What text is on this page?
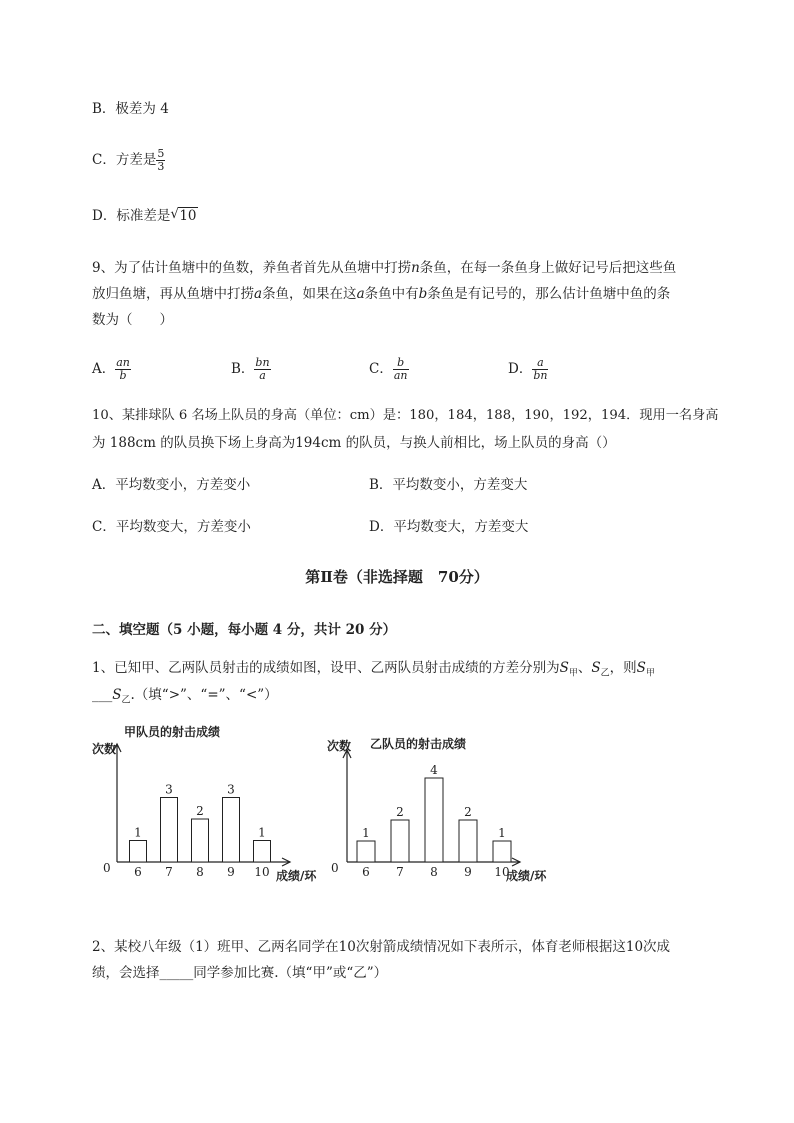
B．极差为 4
C．方差是 $\frac{5}{3}$
D．标准差是 √ 10
9、为了估计鱼塘中的鱼数，养鱼者首先从鱼塘中打捞n条鱼，在每一条鱼身上做好记号后把这些鱼
放归鱼塘，再从鱼塘中打捞a条鱼，如果在这a条鱼中有b条鱼是有记号的，那么估计鱼塘中鱼的条
数为（　　）
A． $\frac{an}{b}$	B． $\frac{bn}{a}$	C． $\frac{b}{an}$	D． $\frac{a}{bn}$
10、某排球队 6 名场上队员的身高（单位：cm）是：180，184，188，190，192，194．现用一名身高
为 188cm 的队员换下场上身高为194cm 的队员，与换人前相比，场上队员的身高（）
A．平均数变小，方差变小	B．平均数变小，方差变大
C．平均数变大，方差变小	D．平均数变大，方差变大
第Ⅱ卷（非选择题　70分）
二、填空题（5 小题，每小题 4 分，共计 20 分）
1、已知甲、乙两队员射击的成绩如图，设甲、乙两队员射击成绩的方差分别为$S_甲$、$S_乙$，则$S_甲$
$\_\_\_S_乙$.（填“>”、“=”、“<”）
甲队员的射击成绩
次数
0
成绩/环
1
6
3
7
2
8
3
9
1
10
乙队员的射击成绩
次数
0
成绩/环
1
6
2
7
4
8
2
9
1
10
2、某校八年级（1）班甲、乙两名同学在10次射箭成绩情况如下表所示，体育老师根据这10次成
绩，会选择_____同学参加比赛.（填“甲”或“乙”）
